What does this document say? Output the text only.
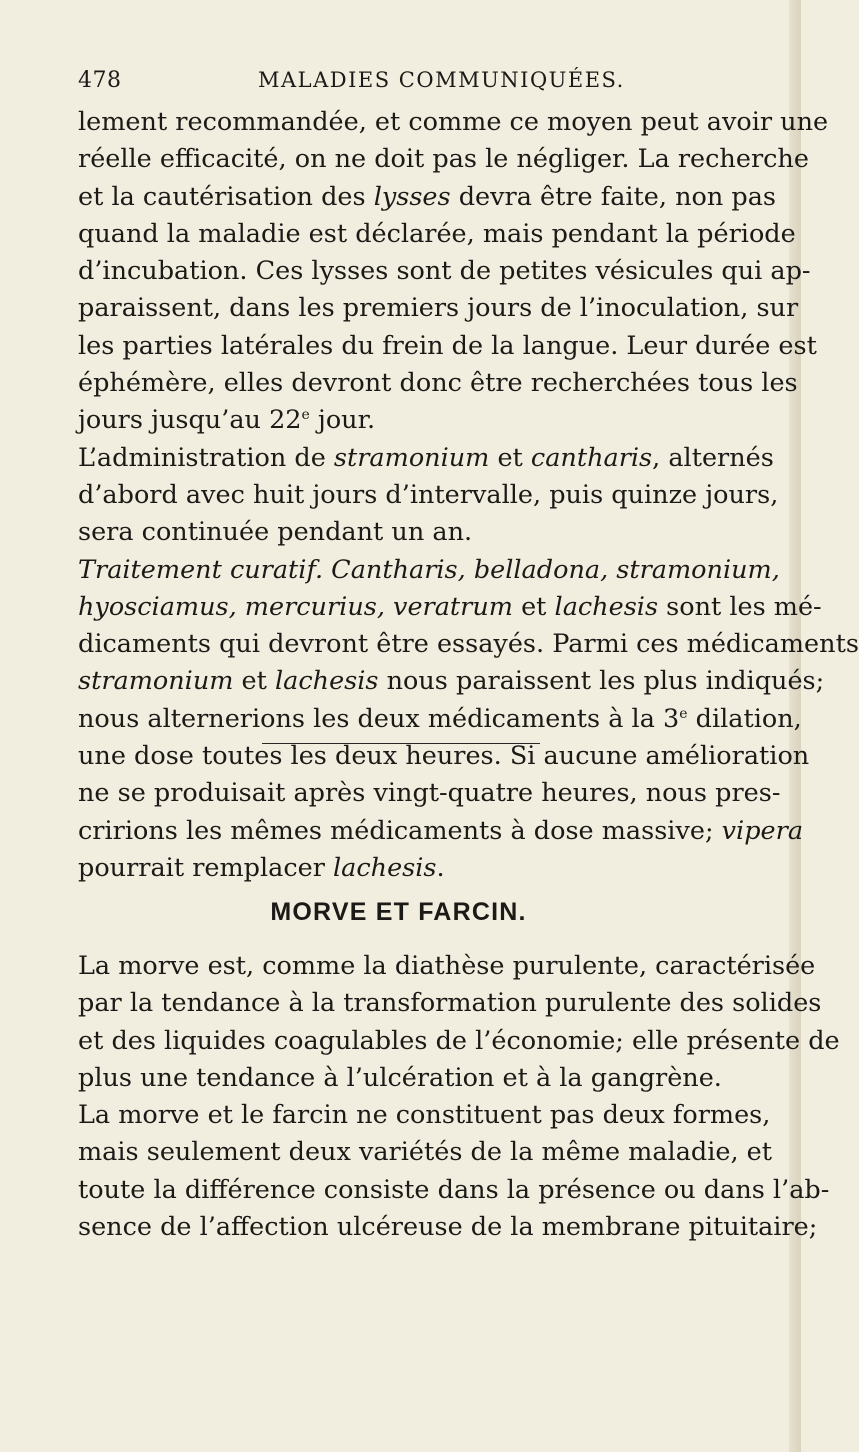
478	MALADIES COMMUNIQUÉES.
lement recommandée, et comme ce moyen peut avoir une
réelle efficacité, on ne doit pas le négliger. La recherche
et la cautérisation des lysses devra être faite, non pas
quand la maladie est déclarée, mais pendant la période
d’incubation. Ces lysses sont de petites vésicules qui ap-
paraissent, dans les premiers jours de l’inoculation, sur
les parties latérales du frein de la langue. Leur durée est
éphémère, elles devront donc être recherchées tous les
jours jusqu’au 22e jour.
L’administration de stramonium et cantharis, alternés
d’abord avec huit jours d’intervalle, puis quinze jours,
sera continuée pendant un an.
Traitement curatif. Cantharis, belladona, stramonium,
hyosciamus, mercurius, veratrum et lachesis sont les mé-
dicaments qui devront être essayés. Parmi ces médicaments
stramonium et lachesis nous paraissent les plus indiqués;
nous alternerions les deux médicaments à la 3e dilation,
une dose toutes les deux heures. Si aucune amélioration
ne se produisait après vingt-quatre heures, nous pres-
cririons les mêmes médicaments à dose massive; vipera
pourrait remplacer lachesis.
MORVE ET FARCIN.
La morve est, comme la diathèse purulente, caractérisée
par la tendance à la transformation purulente des solides
et des liquides coagulables de l’économie; elle présente de
plus une tendance à l’ulcération et à la gangrène.
La morve et le farcin ne constituent pas deux formes,
mais seulement deux variétés de la même maladie, et
toute la différence consiste dans la présence ou dans l’ab-
sence de l’affection ulcéreuse de la membrane pituitaire;
